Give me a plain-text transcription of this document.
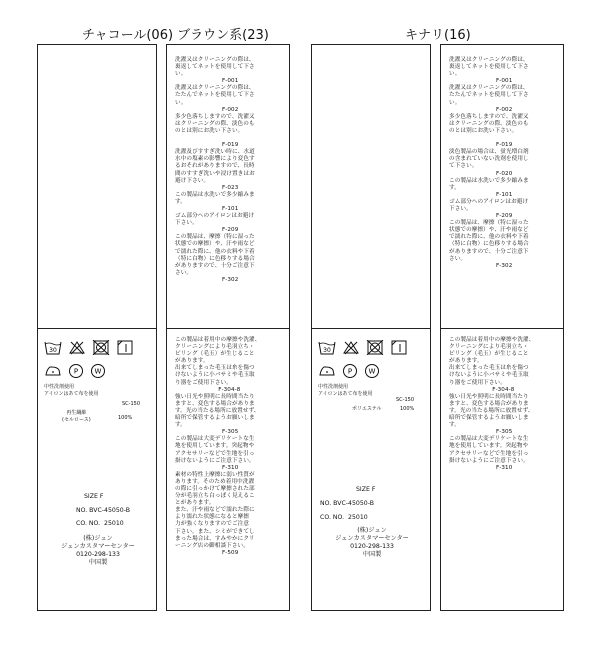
チャコール(06) ブラウン系(23)	キナリ(16)
30
P W
中性洗剤使用
アイロンはあて布を使用
SC-150
再生繊維
(セルロース)	100%
SIZE F
NO. BVC-45050-B
CO. NO.  25010
(株)ジュン
ジュンカスタマーセンター
0120-298-133
中国製
洗濯又はクリーニングの際は、
裏返してネットを使用して下さ
い。
F-001
洗濯又はクリーニングの際は、
たたんでネットを使用して下さ
い。
F-002
多少色落ちしますので、洗濯又
はクリーニングの際、淡色のも
のとは別にお洗い下さい。

F-019
洗濯及びすすぎ洗い時に、水道
水中の塩素の影響により変色す
るおそれがありますので、長時
間のすすぎ洗いや浸け置きはお
避け下さい。
F-023
この製品は水洗いで多少縮みま
す。
F-101
ゴム部分へのアイロンはお避け
下さい。
F-209
この製品は、摩擦（特に湿った
状態での摩擦）や、汗や雨など
で濡れた際に、他の衣料や下着
（特に白物）に色移りする場合
がありますので、十分ご注意下
さい。
F-302
この製品は着用中の摩擦や洗濯、
クリーニングにより毛羽立ち・
ピリング（毛玉）が生じること
があります。
出来てしまった毛玉は糸を傷つ
けないように小バサミや毛玉取
り器をご使用下さい。
F-304-8
強い日光や照明に長時間当たり
ますと、変色する場合がありま
す。光の当たる場所に放置せず、
暗所で保管するようお願いしま
す。
F-305
この製品は大変デリケートな生
地を使用しています。突起物や
アクセサリーなどで生地を引っ
掛けないようにご注意下さい。
F-310
素材の特性上摩擦に弱い性質が
あります。そのため着用中洗濯
の際に引っかけて摩擦された部
分が毛羽立ち白っぽく見えるこ
とがあります。
また、汗や雨などで濡れた際に
より濡れた状態になると摩擦
力が強くなりますのでご注意
下さい。また、シミができてし
まった場合は、すみやかにクリ
ーニング店の御相談下さい。
F-509
30
P W
中性洗剤使用
アイロンはあて布を使用
SC-150
ポリエステル	100%
SIZE F
NO. BVC-45050-B
CO. NO.  25010
(株)ジュン
ジュンカスタマーセンター
0120-298-133
中国製
洗濯又はクリーニングの際は、
裏返してネットを使用して下さ
い。
F-001
洗濯又はクリーニングの際は、
たたんでネットを使用して下さ
い。
F-002
多少色落ちしますので、洗濯又
はクリーニングの際、淡色のも
のとは別にお洗い下さい。

F-019
淡色製品の場合は、蛍光増白剤
の含まれていない洗剤を使用し
て下さい。
F-020
この製品は水洗いで多少縮みま
す。
F-101
ゴム部分へのアイロンはお避け
下さい。
F-209
この製品は、摩擦（特に湿った
状態での摩擦）や、汗や雨など
で濡れた際に、他の衣料や下着
（特に白物）に色移りする場合
がありますので、十分ご注意下
さい。
F-302
この製品は着用中の摩擦や洗濯、
クリーニングにより毛羽立ち・
ピリング（毛玉）が生じること
があります。
出来てしまった毛玉は糸を傷つ
けないように小バサミや毛玉取
り器をご使用下さい。
F-304-8
強い日光や照明に長時間当たり
ますと、変色する場合がありま
す。光の当たる場所に放置せず、
暗所で保管するようお願いしま
す。
F-305
この製品は大変デリケートな生
地を使用しています。突起物や
アクセサリーなどで生地を引っ
掛けないようにご注意下さい。
F-310
